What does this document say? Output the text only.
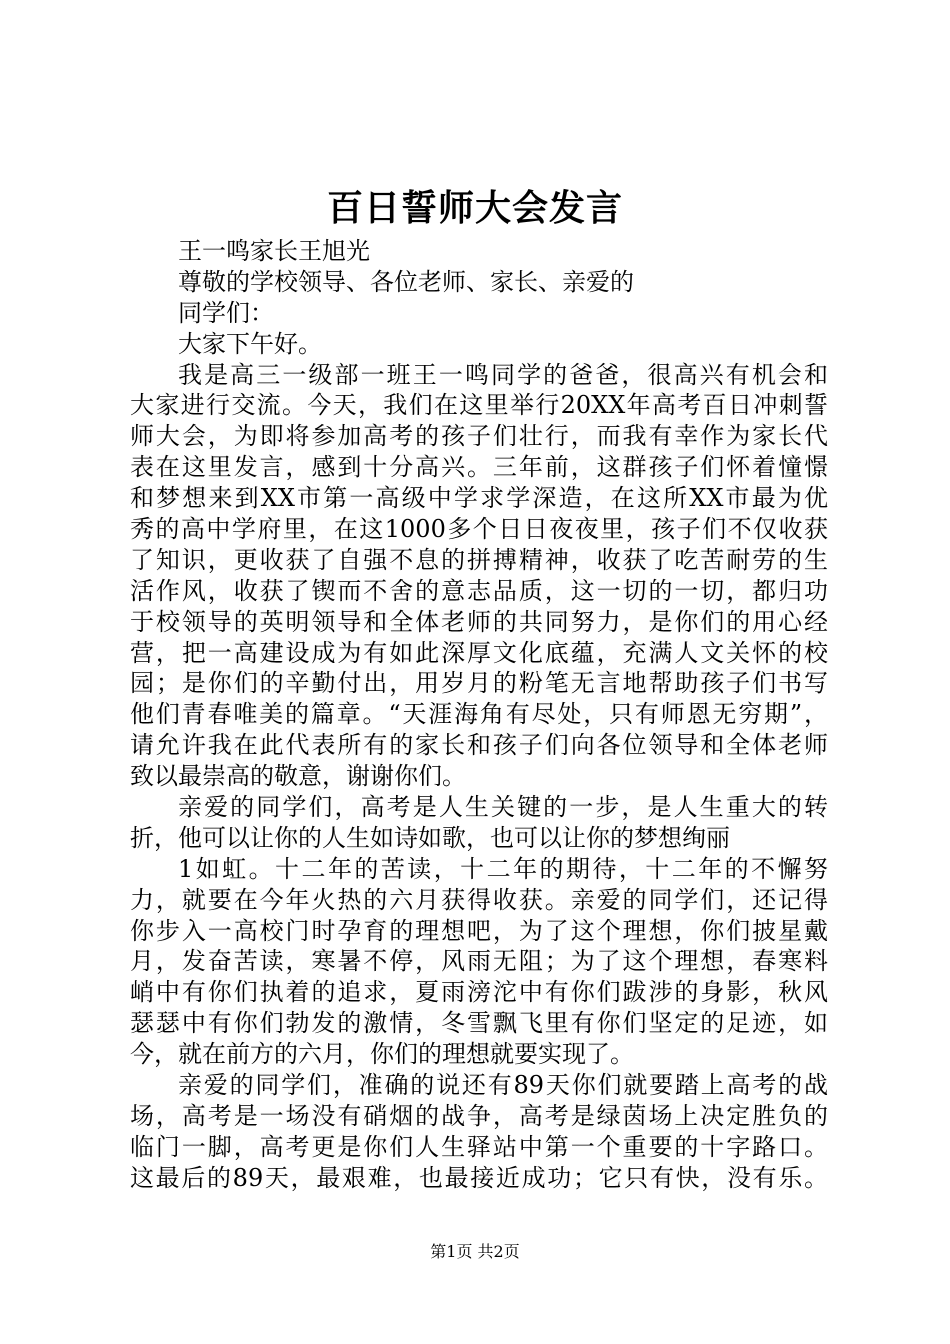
百日誓师大会发言
王一鸣家长王旭光
尊敬的学校领导、各位老师、家长、亲爱的
同学们：
大家下午好。
我是高三一级部一班王一鸣同学的爸爸，很高兴有机会和
大家进行交流。今天，我们在这里举行20XX年高考百日冲刺誓
师大会，为即将参加高考的孩子们壮行，而我有幸作为家长代
表在这里发言，感到十分高兴。三年前，这群孩子们怀着憧憬
和梦想来到XX市第一高级中学求学深造，在这所XX市最为优
秀的高中学府里，在这1000多个日日夜夜里，孩子们不仅收获
了知识，更收获了自强不息的拼搏精神，收获了吃苦耐劳的生
活作风，收获了锲而不舍的意志品质，这一切的一切，都归功
于校领导的英明领导和全体老师的共同努力，是你们的用心经
营，把一高建设成为有如此深厚文化底蕴，充满人文关怀的校
园；是你们的辛勤付出，用岁月的粉笔无言地帮助孩子们书写
他们青春唯美的篇章。“天涯海角有尽处，只有师恩无穷期”，
请允许我在此代表所有的家长和孩子们向各位领导和全体老师
致以最崇高的敬意，谢谢你们。
亲爱的同学们，高考是人生关键的一步，是人生重大的转
折，他可以让你的人生如诗如歌，也可以让你的梦想绚丽
1如虹。十二年的苦读，十二年的期待，十二年的不懈努
力，就要在今年火热的六月获得收获。亲爱的同学们，还记得
你步入一高校门时孕育的理想吧，为了这个理想，你们披星戴
月，发奋苦读，寒暑不停，风雨无阻；为了这个理想，春寒料
峭中有你们执着的追求，夏雨滂沱中有你们跋涉的身影，秋风
瑟瑟中有你们勃发的激情，冬雪飘飞里有你们坚定的足迹，如
今，就在前方的六月，你们的理想就要实现了。
亲爱的同学们，准确的说还有89天你们就要踏上高考的战
场，高考是一场没有硝烟的战争，高考是绿茵场上决定胜负的
临门一脚，高考更是你们人生驿站中第一个重要的十字路口。
这最后的89天，最艰难，也最接近成功；它只有快，没有乐。
第1页 共2页
